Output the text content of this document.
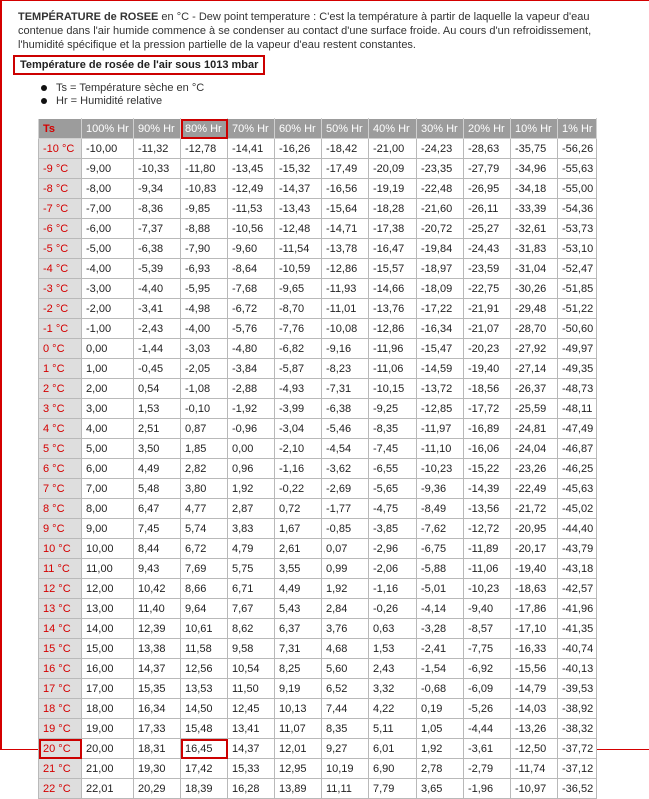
TEMPÉRATURE de ROSEE en °C - Dew point temperature : C'est la température à partir de laquelle la vapeur d'eau contenue dans l'air humide commence à se condenser au contact d'une surface froide. Au cours d'un refroidissement, l'humidité spécifique et la pression partielle de la vapeur d'eau restent constantes.
Température de rosée de l'air sous 1013 mbar
Ts = Température sèche en °C
Hr = Humidité relative
Ts	100% Hr	90% Hr	80% Hr	70% Hr	60% Hr	50% Hr	40% Hr	30% Hr	20% Hr	10% Hr	1% Hr
-10 °C	-10,00	-11,32	-12,78	-14,41	-16,26	-18,42	-21,00	-24,23	-28,63	-35,75	-56,26
-9 °C	-9,00	-10,33	-11,80	-13,45	-15,32	-17,49	-20,09	-23,35	-27,79	-34,96	-55,63
-8 °C	-8,00	-9,34	-10,83	-12,49	-14,37	-16,56	-19,19	-22,48	-26,95	-34,18	-55,00
-7 °C	-7,00	-8,36	-9,85	-11,53	-13,43	-15,64	-18,28	-21,60	-26,11	-33,39	-54,36
-6 °C	-6,00	-7,37	-8,88	-10,56	-12,48	-14,71	-17,38	-20,72	-25,27	-32,61	-53,73
-5 °C	-5,00	-6,38	-7,90	-9,60	-11,54	-13,78	-16,47	-19,84	-24,43	-31,83	-53,10
-4 °C	-4,00	-5,39	-6,93	-8,64	-10,59	-12,86	-15,57	-18,97	-23,59	-31,04	-52,47
-3 °C	-3,00	-4,40	-5,95	-7,68	-9,65	-11,93	-14,66	-18,09	-22,75	-30,26	-51,85
-2 °C	-2,00	-3,41	-4,98	-6,72	-8,70	-11,01	-13,76	-17,22	-21,91	-29,48	-51,22
-1 °C	-1,00	-2,43	-4,00	-5,76	-7,76	-10,08	-12,86	-16,34	-21,07	-28,70	-50,60
0 °C	0,00	-1,44	-3,03	-4,80	-6,82	-9,16	-11,96	-15,47	-20,23	-27,92	-49,97
1 °C	1,00	-0,45	-2,05	-3,84	-5,87	-8,23	-11,06	-14,59	-19,40	-27,14	-49,35
2 °C	2,00	0,54	-1,08	-2,88	-4,93	-7,31	-10,15	-13,72	-18,56	-26,37	-48,73
3 °C	3,00	1,53	-0,10	-1,92	-3,99	-6,38	-9,25	-12,85	-17,72	-25,59	-48,11
4 °C	4,00	2,51	0,87	-0,96	-3,04	-5,46	-8,35	-11,97	-16,89	-24,81	-47,49
5 °C	5,00	3,50	1,85	0,00	-2,10	-4,54	-7,45	-11,10	-16,06	-24,04	-46,87
6 °C	6,00	4,49	2,82	0,96	-1,16	-3,62	-6,55	-10,23	-15,22	-23,26	-46,25
7 °C	7,00	5,48	3,80	1,92	-0,22	-2,69	-5,65	-9,36	-14,39	-22,49	-45,63
8 °C	8,00	6,47	4,77	2,87	0,72	-1,77	-4,75	-8,49	-13,56	-21,72	-45,02
9 °C	9,00	7,45	5,74	3,83	1,67	-0,85	-3,85	-7,62	-12,72	-20,95	-44,40
10 °C	10,00	8,44	6,72	4,79	2,61	0,07	-2,96	-6,75	-11,89	-20,17	-43,79
11 °C	11,00	9,43	7,69	5,75	3,55	0,99	-2,06	-5,88	-11,06	-19,40	-43,18
12 °C	12,00	10,42	8,66	6,71	4,49	1,92	-1,16	-5,01	-10,23	-18,63	-42,57
13 °C	13,00	11,40	9,64	7,67	5,43	2,84	-0,26	-4,14	-9,40	-17,86	-41,96
14 °C	14,00	12,39	10,61	8,62	6,37	3,76	0,63	-3,28	-8,57	-17,10	-41,35
15 °C	15,00	13,38	11,58	9,58	7,31	4,68	1,53	-2,41	-7,75	-16,33	-40,74
16 °C	16,00	14,37	12,56	10,54	8,25	5,60	2,43	-1,54	-6,92	-15,56	-40,13
17 °C	17,00	15,35	13,53	11,50	9,19	6,52	3,32	-0,68	-6,09	-14,79	-39,53
18 °C	18,00	16,34	14,50	12,45	10,13	7,44	4,22	0,19	-5,26	-14,03	-38,92
19 °C	19,00	17,33	15,48	13,41	11,07	8,35	5,11	1,05	-4,44	-13,26	-38,32
20 °C	20,00	18,31	16,45	14,37	12,01	9,27	6,01	1,92	-3,61	-12,50	-37,72
21 °C	21,00	19,30	17,42	15,33	12,95	10,19	6,90	2,78	-2,79	-11,74	-37,12
22 °C	22,01	20,29	18,39	16,28	13,89	11,11	7,79	3,65	-1,96	-10,97	-36,52
